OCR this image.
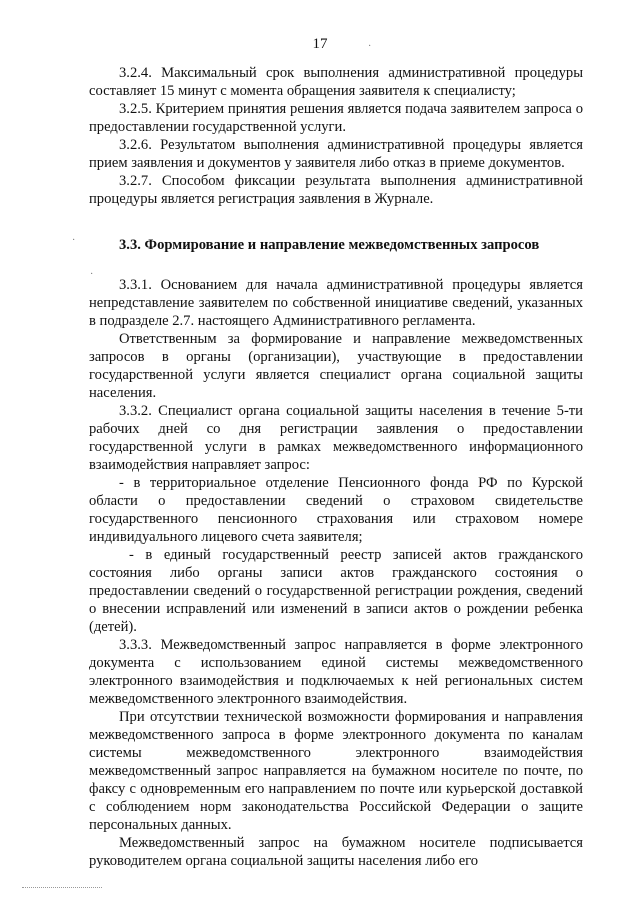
17	·
·
·

3.2.4. Максимальный срок выполнения административной процедуры составляет 15 минут с момента обращения заявителя к специалисту;

3.2.5. Критерием принятия решения является подача заявителем запроса о предоставлении государственной услуги.

3.2.6. Результатом выполнения административной процедуры является прием заявления и документов у заявителя либо отказ в приеме документов.

3.2.7. Способом фиксации результата выполнения административной процедуры является регистрация заявления в Журнале.

3.3. Формирование и направление межведомственных запросов

3.3.1. Основанием для начала административной процедуры является непредставление заявителем по собственной инициативе сведений, указанных в подразделе 2.7. настоящего Административного регламента.

Ответственным за формирование и направление межведомственных запросов в органы (организации), участвующие в предоставлении государственной услуги является специалист органа социальной защиты населения.

3.3.2. Специалист органа социальной защиты населения в течение 5-ти рабочих дней со дня регистрации заявления о предоставлении государственной услуги в рамках межведомственного информационного взаимодействия направляет запрос:

- в территориальное отделение Пенсионного фонда РФ по Курской области о предоставлении сведений о страховом свидетельстве государственного пенсионного страхования или страховом номере индивидуального лицевого счета заявителя;

- в единый государственный реестр записей актов гражданского состояния либо органы записи актов гражданского состояния о предоставлении сведений о государственной регистрации рождения, сведений о внесении исправлений или изменений в записи актов о рождении ребенка (детей).

3.3.3. Межведомственный запрос направляется в форме электронного документа с использованием единой системы межведомственного электронного взаимодействия и подключаемых к ней региональных систем межведомственного электронного взаимодействия.

При отсутствии технической возможности формирования и направления межведомственного запроса в форме электронного документа по каналам системы межведомственного электронного взаимодействия межведомственный запрос направляется на бумажном носителе по почте, по факсу с одновременным его направлением по почте или курьерской доставкой с соблюдением норм законодательства Российской Федерации о защите персональных данных.

Межведомственный запрос на бумажном носителе подписывается руководителем органа социальной защиты населения либо его
